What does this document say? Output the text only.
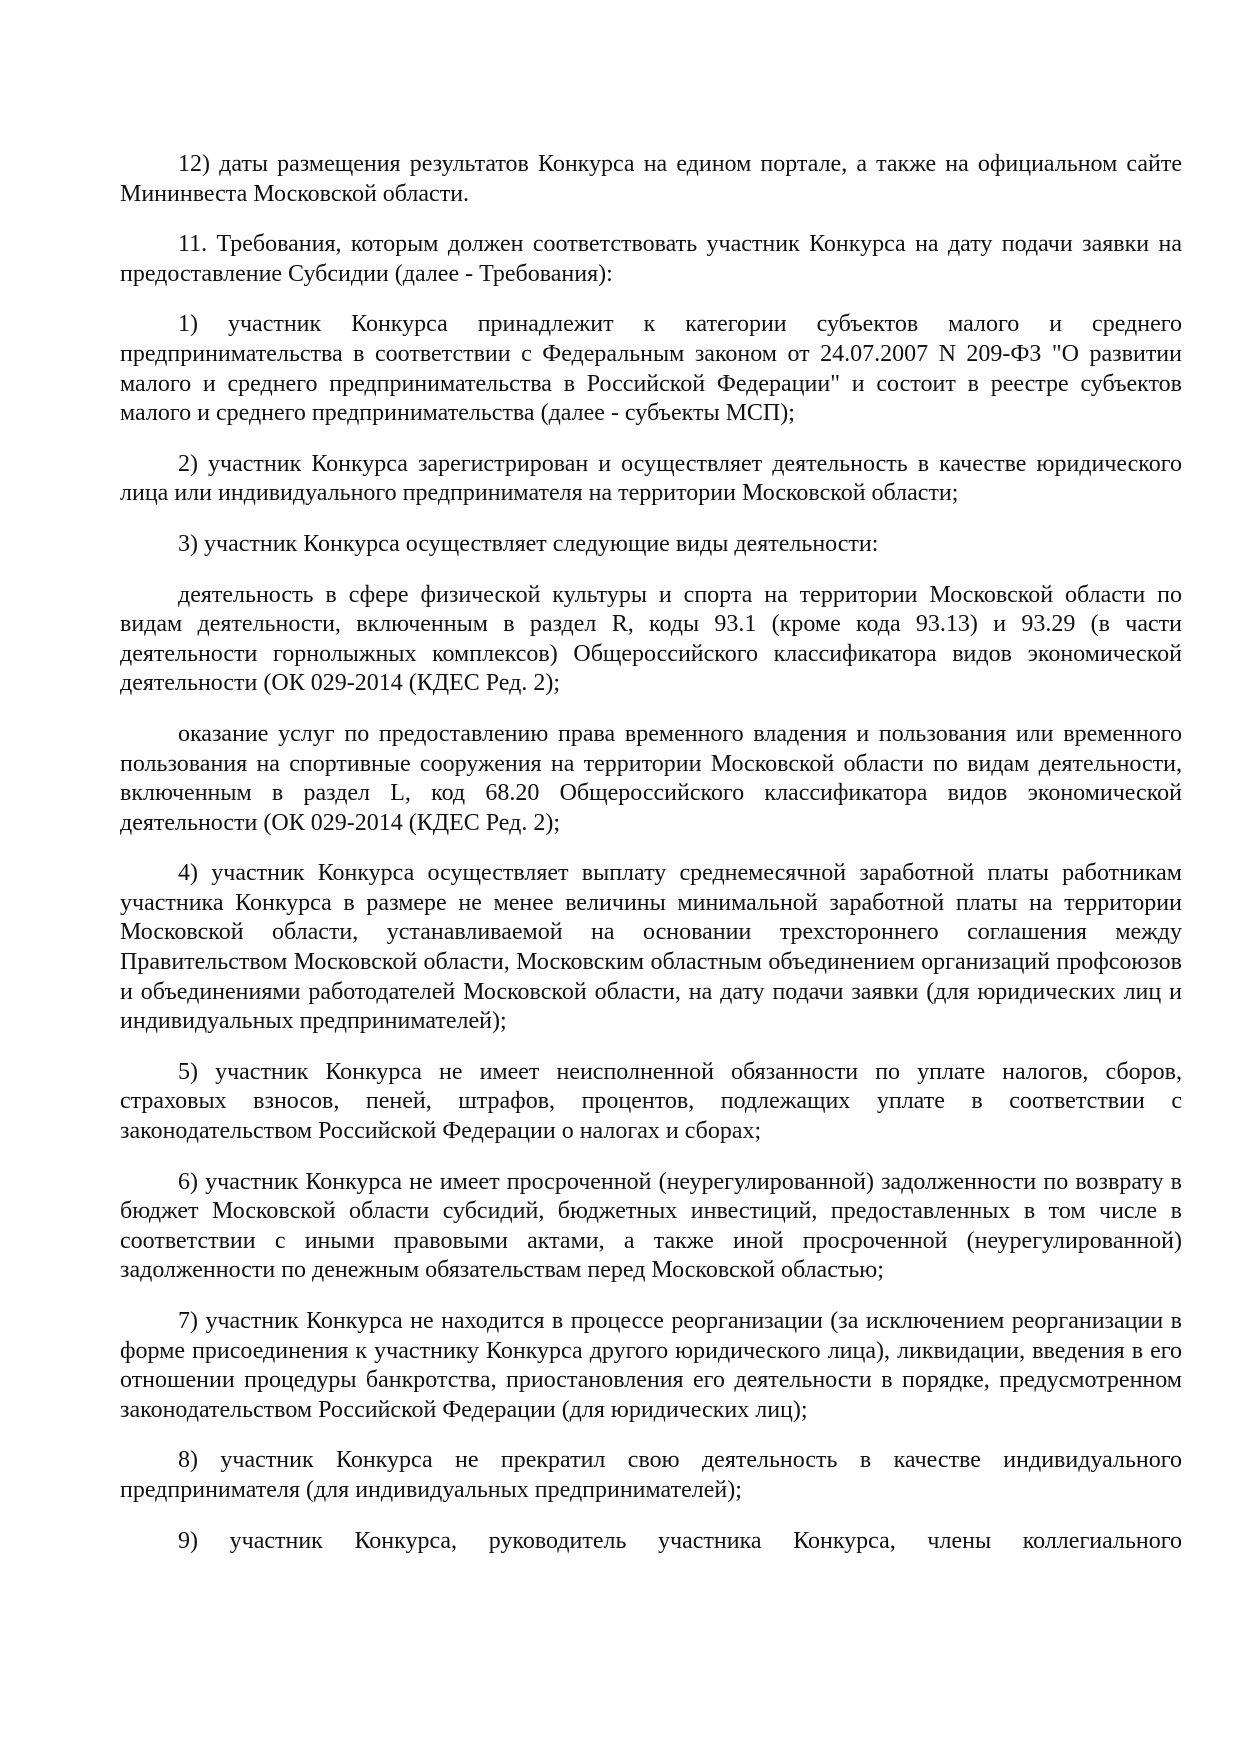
12) даты размещения результатов Конкурса на едином портале, а также на официальном сайте Мининвеста Московской области.

11. Требования, которым должен соответствовать участник Конкурса на дату подачи заявки на предоставление Субсидии (далее - Требования):

1) участник Конкурса принадлежит к категории субъектов малого и среднего предпринимательства в соответствии с Федеральным законом от 24.07.2007 N 209-ФЗ "О развитии малого и среднего предпринимательства в Российской Федерации" и состоит в реестре субъектов малого и среднего предпринимательства (далее - субъекты МСП);

2) участник Конкурса зарегистрирован и осуществляет деятельность в качестве юридического лица или индивидуального предпринимателя на территории Московской области;

3) участник Конкурса осуществляет следующие виды деятельности:

деятельность в сфере физической культуры и спорта на территории Московской области по видам деятельности, включенным в раздел R, коды 93.1 (кроме кода 93.13) и 93.29 (в части деятельности горнолыжных комплексов) Общероссийского классификатора видов экономической деятельности (ОК 029-2014 (КДЕС Ред. 2);

оказание услуг по предоставлению права временного владения и пользования или временного пользования на спортивные сооружения на территории Московской области по видам деятельности, включенным в раздел L, код 68.20 Общероссийского классификатора видов экономической деятельности (ОК 029-2014 (КДЕС Ред. 2);

4) участник Конкурса осуществляет выплату среднемесячной заработной платы работникам участника Конкурса в размере не менее величины минимальной заработной платы на территории Московской области, устанавливаемой на основании трехстороннего соглашения между Правительством Московской области, Московским областным объединением организаций профсоюзов и объединениями работодателей Московской области, на дату подачи заявки (для юридических лиц и индивидуальных предпринимателей);

5) участник Конкурса не имеет неисполненной обязанности по уплате налогов, сборов, страховых взносов, пеней, штрафов, процентов, подлежащих уплате в соответствии с законодательством Российской Федерации о налогах и сборах;

6) участник Конкурса не имеет просроченной (неурегулированной) задолженности по возврату в бюджет Московской области субсидий, бюджетных инвестиций, предоставленных в том числе в соответствии с иными правовыми актами, а также иной просроченной (неурегулированной) задолженности по денежным обязательствам перед Московской областью;

7) участник Конкурса не находится в процессе реорганизации (за исключением реорганизации в форме присоединения к участнику Конкурса другого юридического лица), ликвидации, введения в его отношении процедуры банкротства, приостановления его деятельности в порядке, предусмотренном законодательством Российской Федерации (для юридических лиц);

8) участник Конкурса не прекратил свою деятельность в качестве индивидуального предпринимателя (для индивидуальных предпринимателей);

9) участник Конкурса, руководитель участника Конкурса, члены коллегиального
